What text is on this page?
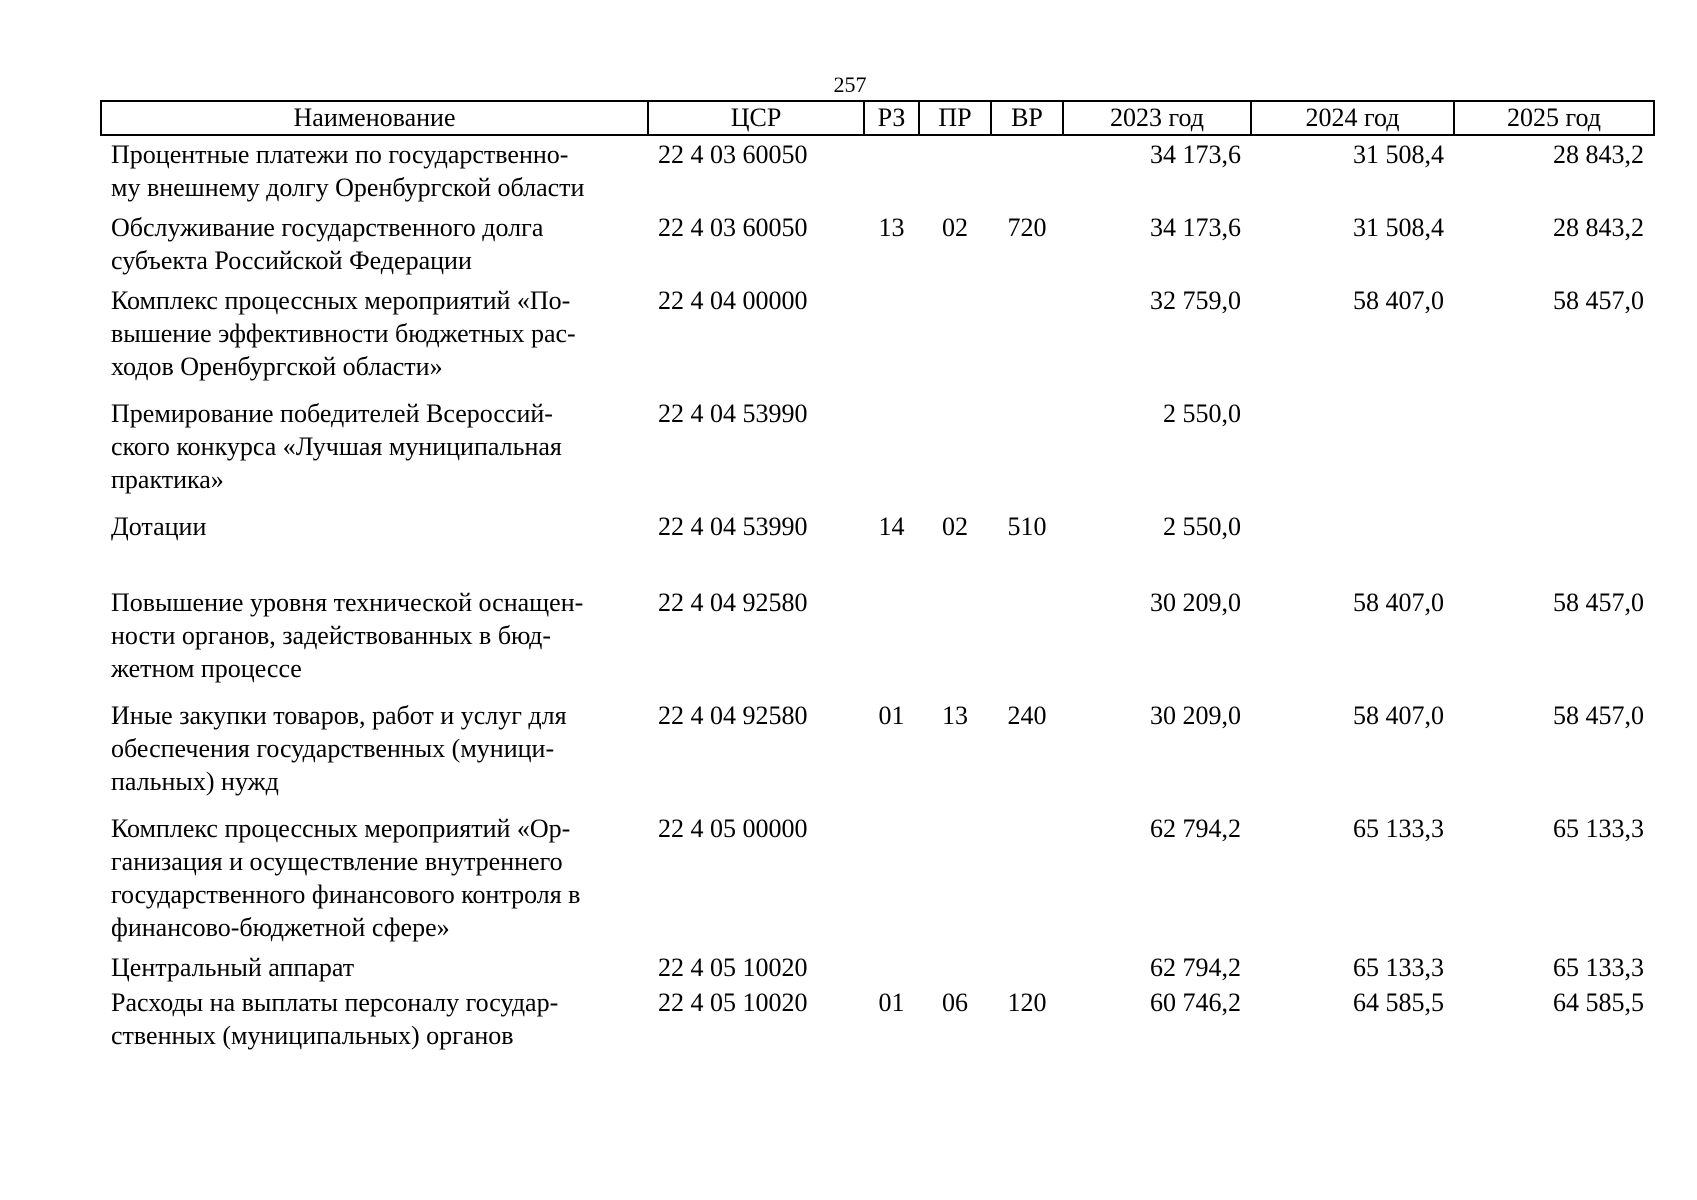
257
Наименование	ЦСР	РЗ	ПР	ВР	2023 год	2024 год	2025 год

Процентные платежи по государственно-
му внешнему долгу Оренбургской области	22 4 03 60050				34 173,6	31 508,4	28 843,2

Обслуживание государственного долга
субъекта Российской Федерации	22 4 03 60050	13	02	720	34 173,6	31 508,4	28 843,2

Комплекс процессных мероприятий «По-
вышение эффективности бюджетных рас-
ходов Оренбургской области»	22 4 04 00000				32 759,0	58 407,0	58 457,0

Премирование победителей Всероссий-
ского конкурса «Лучшая муниципальная
практика»	22 4 04 53990				2 550,0		

Дотации	22 4 04 53990	14	02	510	2 550,0		

Повышение уровня технической оснащен-
ности органов, задействованных в бюд-
жетном процессе	22 4 04 92580				30 209,0	58 407,0	58 457,0

Иные закупки товаров, работ и услуг для
обеспечения государственных (муници-
пальных) нужд	22 4 04 92580	01	13	240	30 209,0	58 407,0	58 457,0

Комплекс процессных мероприятий «Ор-
ганизация и осуществление внутреннего
государственного финансового контроля в
финансово-бюджетной сфере»	22 4 05 00000				62 794,2	65 133,3	65 133,3

Центральный аппарат	22 4 05 10020				62 794,2	65 133,3	65 133,3

Расходы на выплаты персоналу государ-
ственных (муниципальных) органов	22 4 05 10020	01	06	120	60 746,2	64 585,5	64 585,5
